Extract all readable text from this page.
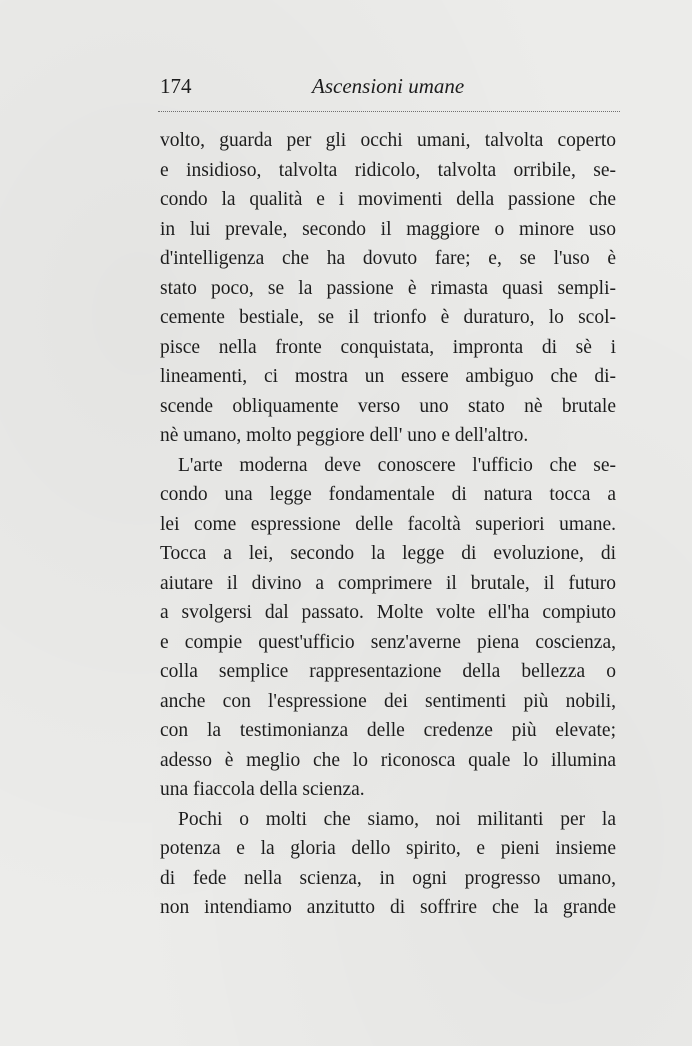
174	Ascensioni umane
volto, guarda per gli occhi umani, talvolta coperto
e insidioso, talvolta ridicolo, talvolta orribile, se-
condo la qualità e i movimenti della passione che
in lui prevale, secondo il maggiore o minore uso
d'intelligenza che ha dovuto fare; e, se l'uso è
stato poco, se la passione è rimasta quasi sempli-
cemente bestiale, se il trionfo è duraturo, lo scol-
pisce nella fronte conquistata, impronta di sè i
lineamenti, ci mostra un essere ambiguo che di-
scende obliquamente verso uno stato nè brutale
nè umano, molto peggiore dell' uno e dell'altro.
L'arte moderna deve conoscere l'ufficio che se-
condo una legge fondamentale di natura tocca a
lei come espressione delle facoltà superiori umane.
Tocca a lei, secondo la legge di evoluzione, di
aiutare il divino a comprimere il brutale, il futuro
a svolgersi dal passato. Molte volte ell'ha compiuto
e compie quest'ufficio senz'averne piena coscienza,
colla semplice rappresentazione della bellezza o
anche con l'espressione dei sentimenti più nobili,
con la testimonianza delle credenze più elevate;
adesso è meglio che lo riconosca quale lo illumina
una fiaccola della scienza.
Pochi o molti che siamo, noi militanti per la
potenza e la gloria dello spirito, e pieni insieme
di fede nella scienza, in ogni progresso umano,
non intendiamo anzitutto di soffrire che la grande
